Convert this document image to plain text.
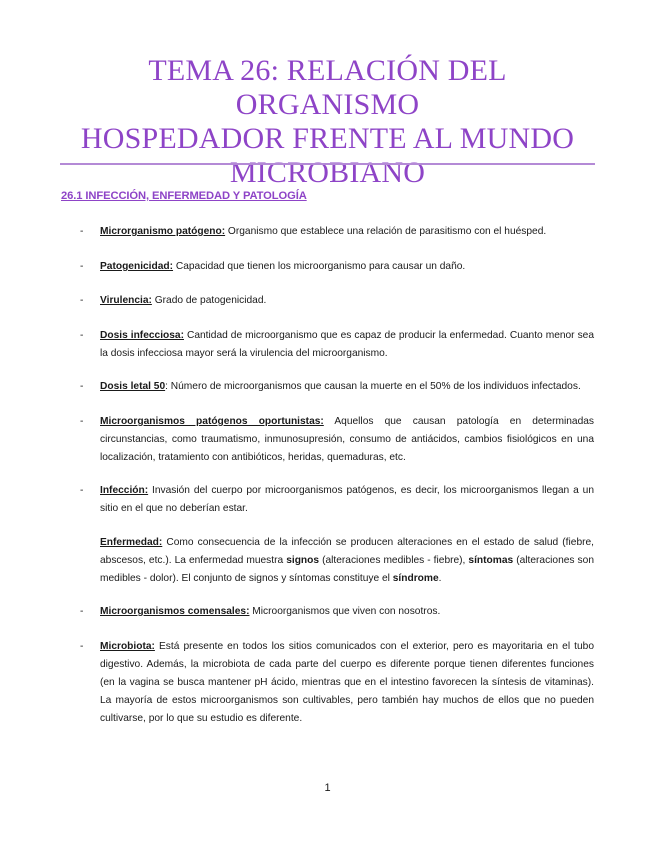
TEMA 26: RELACIÓN DEL ORGANISMO
HOSPEDADOR FRENTE AL MUNDO
MICROBIANO
26.1 INFECCIÓN, ENFERMEDAD Y PATOLOGÍA
-	Microrganismo patógeno: Organismo que establece una relación de parasitismo con el huésped.
-	Patogenicidad: Capacidad que tienen los microorganismo para causar un daño.
-	Virulencia: Grado de patogenicidad.
-	Dosis infecciosa: Cantidad de microorganismo que es capaz de producir la enfermedad. Cuanto menor sea la dosis infecciosa mayor será la virulencia del microorganismo.
-	Dosis letal 50: Número de microorganismos que causan la muerte en el 50% de los individuos infectados.
-	Microorganismos patógenos oportunistas: Aquellos que causan patología en determinadas circunstancias, como traumatismo, inmunosupresión, consumo de antiácidos, cambios fisiológicos en una localización, tratamiento con antibióticos, heridas, quemaduras, etc.
-	Infección: Invasión del cuerpo por microorganismos patógenos, es decir, los microorganismos llegan a un sitio en el que no deberían estar.
Enfermedad: Como consecuencia de la infección se producen alteraciones en el estado de salud (fiebre, abscesos, etc.). La enfermedad muestra signos (alteraciones medibles - fiebre), síntomas (alteraciones son medibles - dolor). El conjunto de signos y síntomas constituye el síndrome.
-	Microorganismos comensales: Microorganismos que viven con nosotros.
-	Microbiota: Está presente en todos los sitios comunicados con el exterior, pero es mayoritaria en el tubo digestivo. Además, la microbiota de cada parte del cuerpo es diferente porque tienen diferentes funciones (en la vagina se busca mantener pH ácido, mientras que en el intestino favorecen la síntesis de vitaminas). La mayoría de estos microorganismos son cultivables, pero también hay muchos de ellos que no pueden cultivarse, por lo que su estudio es diferente.
1
